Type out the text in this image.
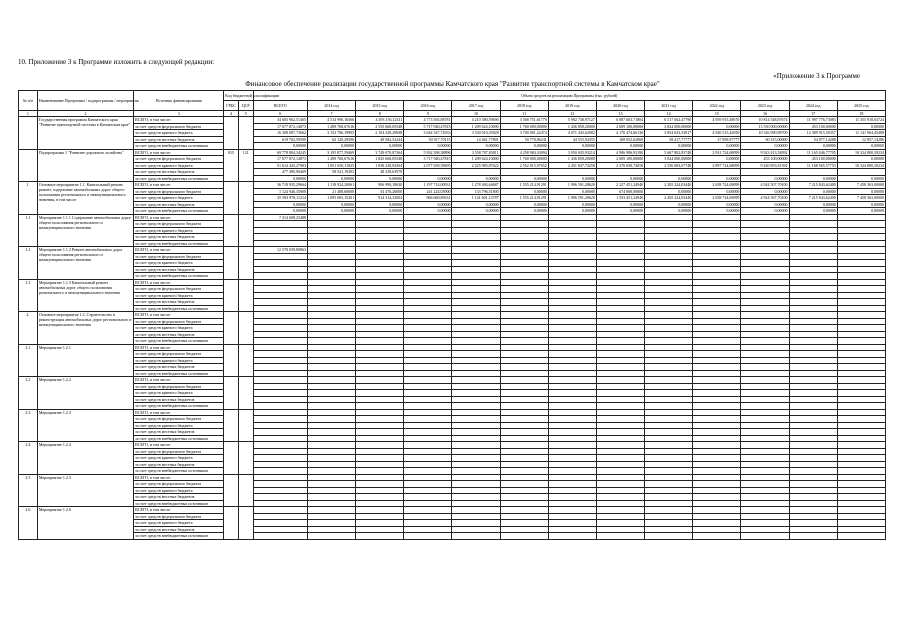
10. Приложение 3 к Программе изложить в следующей редакции:
«Приложение 3 к Программе
Финансовое обеспечение реализации государственной программы Камчатского края "Развитие транспортной системы в Камчатском крае"
№ п/п	Наименование Программы / подпрограммы / мероприятия	Источник финансирования	Код бюджетной классификации		Объем средств на реализацию Программы (тыс. рублей)												
			ГРБС	ЦСР	ВСЕГО	2014 год	2015 год	2016 год	2017 год	2018 год	2019 год	2020 год	2021 год	2022 год	2023 год	2024 год	2025 год
1	2	3	4	5	6	7	8	9	10	11	12	13	14	15	16	17	18
	Государственная программа Камчатского края "Развитие транспортной системы в Камчатском крае"	ВСЕГО, в том числе:			34 605 962,51465	4 514 996,16366	4 493 156,12311	4 773 565,88781	4 210 380,59690	3 568 751,61779	5 992 738,97127	6 087 603,71804	6 517 062,47790	4 959 915,48670	10 814 548,87674	11 997 776,73083	11 355 918,63724
		за счет средств федерального бюджета			17 677 872,14873	1 289 768,67616	2 555 668,05548	5 717 940,47815	1 209 624,10000	1 760 000,00000	1 436 858,20000	2 609 100,00000	3 824 000,00000	0,00000	13 530 000,00000	453 100,00000	0,00000
		за счет средств краевого бюджета			16 308 087,73662	3 152 706,19905	2 104 228,29698	3 644 547,72653	3 530 910,35828	3 700 001,22474	4 071 443,62082	4 170 474,66130	3 854 643,33817	4 920 515,42050	10 326 990,98700	12 389 915,50357	11 141 964,45488
		за счет средств местных бюджетов			619 702,59590	62 120,29506	49 582,52244	50 917,70115	14 461,77801	50 770,86241	44 553,94355	108 052,62860	58 417,77777	37 858,97777	60 415,00000	54 877,14288	12 857,14286
		за счет средств внебюджетных источников			0,00000	0,00000	0,00000	0,00000	0,00000	0,00000	0,00000	0,00000	0,00000	0,00000	0,00000	0,00000	0,00000
	Подпрограмма 1 "Развитие дорожного хозяйства"	ВСЕГО, в том числе:	815	121	69 778 804,34245	3 195 877,59469	3 749 070,87364	5 932 398,38896	3 558 707,83011	4 258 984,33094	3 950 045,93214	4 986 986,93190	5 667 802,83748	2 931 724,68099	9 923 413,54992	11 165 046,77705	10 324 800,39234
		за счет средств федерального бюджета			17 677 872,14873	1 289 768,67616	1 825 668,05548	3 717 940,47815	1 209 624,10000	1 760 000,00000	1 436 858,20000	2 609 100,00000	3 824 000,00000	0,00000	453 100,00000	453 100,00000	0,00000
		за счет средств краевого бюджета			51 614 443,27903	1 851 650,11825	1 838 238,94364	2 077 639,39695	2 225 985,87622	2 552 015,97652	2 451 847,74258	2 376 658,74058	2 556 083,67748	2 897 724,68099	9 420 853,81392	11 168 565,57753	10 324 800,39234
		за счет средств местных бюджетов			477 490,90469	58 541,19202	48 238,63978										
		за счет средств внебюджетных источников			0,00000	0,00000	0,00000	0,00000	0,00000	0,00000	0,00000	0,00000	0,00000	0,00000	0,00000	0,00000	0,00000
1.	Основное мероприятие 1.1. Капитальный ремонт, ремонт, содержание автомобильных дорог общего пользования регионального и межмуниципального значения, в том числе:	ВСЕГО, в том числе:			36 718 935,29664	1 118 924,20061	906 990,18630	1 197 714,00931	1 278 484,64687	1 555 214,91291	1 996 591,28620	2 227 451,24940	2 205 224,03440	2 658 724,69099	4 924 507,70100	7 215 843,62400	7 458 363,00000
		за счет средств федерального бюджета			1 124 946,35000	21 468,60000	54 476,26000	241 224,03900	133 796,51800	0,00000	0,00000	674 000,00000	0,00000	0,00000	0,00000	0,00000	0,00000
		за счет средств краевого бюджета			35 593 978,11214	1 095 065,15201	914 314,32002	966 669,85631	1 141 601,13787	1 555 214,91291	1 996 591,28620	1 553 451,24940	2 205 224,03440	2 658 724,69099	4 924 507,70100	7 215 843,62400	7 458 363,00000
		за счет средств местных бюджетов			0,00000	0,00000	0,00000	0,00000	0,00000	0,00000	0,00000	0,00000	0,00000	0,00000	0,00000	0,00000	0,00000
		за счет средств внебюджетных источников			0,00000	0,00000	0,00000	0,00000	0,00000	0,00000	0,00000	0,00000	0,00000	0,00000	0,00000	0,00000	0,00000
1.1	Мероприятие 1.1.1 Содержание автомобильных дорог общего пользования регионального и межмуниципального значения	ВСЕГО, в том числе:			7 314 608,23488												
		за счет средств федерального бюджета															
		за счет средств краевого бюджета															
		за счет средств местных бюджетов															
		за счет средств внебюджетных источников															
1.2	Мероприятие 1.1.2 Ремонт автомобильных дорог общего пользования регионального и межмуниципального значения	ВСЕГО, в том числе:			12 578 039,80863												
		за счет средств федерального бюджета															
		за счет средств краевого бюджета															
		за счет средств местных бюджетов															
		за счет средств внебюджетных источников															
1.3	Мероприятие 1.1.3 Капитальный ремонт автомобильных дорог общего пользования регионального и межмуниципального значения	ВСЕГО, в том числе:															
		за счет средств федерального бюджета															
		за счет средств краевого бюджета															
		за счет средств местных бюджетов															
		за счет средств внебюджетных источников															
2.	Основное мероприятие 1.2. Строительство и реконструкция автомобильных дорог регионального и межмуниципального значения	ВСЕГО, в том числе:															
		за счет средств федерального бюджета															
		за счет средств краевого бюджета															
		за счет средств местных бюджетов															
		за счет средств внебюджетных источников															
2.1	Мероприятие 1.2.1	ВСЕГО, в том числе:															
		за счет средств федерального бюджета															
		за счет средств краевого бюджета															
		за счет средств местных бюджетов															
		за счет средств внебюджетных источников															
2.2	Мероприятие 1.2.2	ВСЕГО, в том числе:															
		за счет средств федерального бюджета															
		за счет средств краевого бюджета															
		за счет средств местных бюджетов															
		за счет средств внебюджетных источников															
2.3	Мероприятие 1.2.3	ВСЕГО, в том числе:															
		за счет средств федерального бюджета															
		за счет средств краевого бюджета															
		за счет средств местных бюджетов															
		за счет средств внебюджетных источников															
2.4	Мероприятие 1.2.4	ВСЕГО, в том числе:															
		за счет средств федерального бюджета															
		за счет средств краевого бюджета															
		за счет средств местных бюджетов															
		за счет средств внебюджетных источников															
2.5	Мероприятие 1.2.5	ВСЕГО, в том числе:															
		за счет средств федерального бюджета															
		за счет средств краевого бюджета															
		за счет средств местных бюджетов															
		за счет средств внебюджетных источников															
2.6	Мероприятие 1.2.6	ВСЕГО, в том числе:															
		за счет средств федерального бюджета															
		за счет средств краевого бюджета															
		за счет средств местных бюджетов															
		за счет средств внебюджетных источников															
